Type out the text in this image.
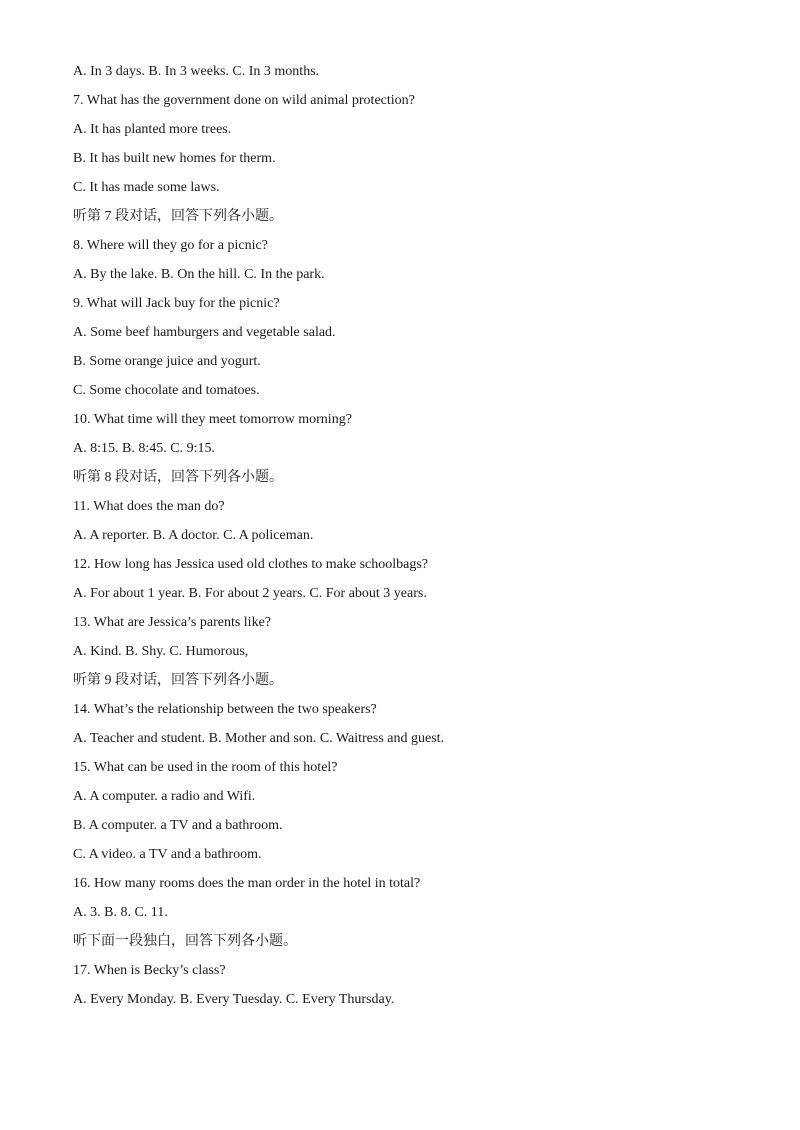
A. In 3 days. B. In 3 weeks. C. In 3 months.
7. What has the government done on wild animal protection?
A. It has planted more trees.
B. It has built new homes for therm.
C. It has made some laws.
听第 7 段对话，回答下列各小题。
8. Where will they go for a picnic?
A. By the lake. B. On the hill. C. In the park.
9. What will Jack buy for the picnic?
A. Some beef hamburgers and vegetable salad.
B. Some orange juice and yogurt.
C. Some chocolate and tomatoes.
10. What time will they meet tomorrow morning?
A. 8:15. B. 8:45. C. 9:15.
听第 8 段对话，回答下列各小题。
11. What does the man do?
A. A reporter. B. A doctor. C. A policeman.
12. How long has Jessica used old clothes to make schoolbags?
A. For about 1 year. B. For about 2 years. C. For about 3 years.
13. What are Jessica’s parents like?
A. Kind. B. Shy. C. Humorous,
听第 9 段对话，回答下列各小题。
14. What’s the relationship between the two speakers?
A. Teacher and student. B. Mother and son. C. Waitress and guest.
15. What can be used in the room of this hotel?
A. A computer. a radio and Wifi.
B. A computer. a TV and a bathroom.
C. A video. a TV and a bathroom.
16. How many rooms does the man order in the hotel in total?
A. 3. B. 8. C. 11.
听下面一段独白，回答下列各小题。
17. When is Becky’s class?
A. Every Monday. B. Every Tuesday. C. Every Thursday.
